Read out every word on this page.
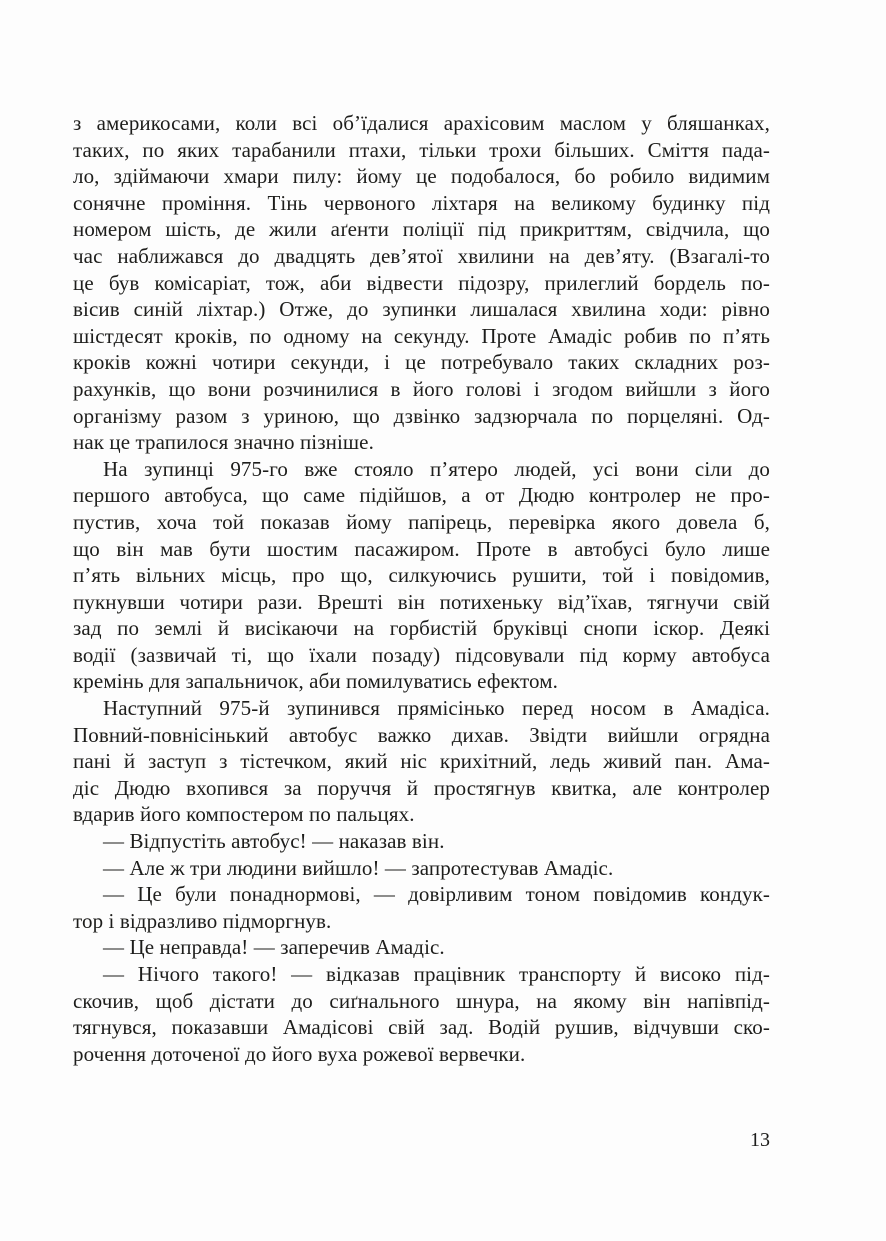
з америкосами, коли всі об’їдалися арахісовим маслом у бляшанках,
таких, по яких тарабанили птахи, тільки трохи більших. Сміття пада-
ло, здіймаючи хмари пилу: йому це подобалося, бо робило видимим
сонячне проміння. Тінь червоного ліхтаря на великому будинку під
номером шість, де жили аґенти поліції під прикриттям, свідчила, що
час наближався до двадцять дев’ятої хвилини на дев’яту. (Взагалі-то
це був комісаріат, тож, аби відвести підозру, прилеглий бордель по-
вісив синій ліхтар.) Отже, до зупинки лишалася хвилина ходи: рівно
шістдесят кроків, по одному на секунду. Проте Амадіс робив по п’ять
кроків кожні чотири секунди, і це потребувало таких складних роз-
рахунків, що вони розчинилися в його голові і згодом вийшли з його
організму разом з уриною, що дзвінко задзюрчала по порцеляні. Од-
нак це трапилося значно пізніше.

На зупинці 975-го вже стояло п’ятеро людей, усі вони сіли до
першого автобуса, що саме підійшов, а от Дюдю контролер не про-
пустив, хоча той показав йому папірець, перевірка якого довела б,
що він мав бути шостим пасажиром. Проте в автобусі було лише
п’ять вільних місць, про що, силкуючись рушити, той і повідомив,
пукнувши чотири рази. Врешті він потихеньку від’їхав, тягнучи свій
зад по землі й висікаючи на горбистій бруківці снопи іскор. Деякі
водії (зазвичай ті, що їхали позаду) підсовували під корму автобуса
кремінь для запальничок, аби помилуватись ефектом.

Наступний 975-й зупинився прямісінько перед носом в Амадіса.
Повний-повнісінький автобус важко дихав. Звідти вийшли огрядна
пані й заступ з тістечком, який ніс крихітний, ледь живий пан. Ама-
діс Дюдю вхопився за поруччя й простягнув квитка, але контролер
вдарив його компостером по пальцях.

— Відпустіть автобус! — наказав він.

— Але ж три людини вийшло! — запротестував Амадіс.

— Це були понаднормові, — довірливим тоном повідомив кондук-
тор і відразливо підморгнув.

— Це неправда! — заперечив Амадіс.

— Нічого такого! — відказав працівник транспорту й високо під-
скочив, щоб дістати до сиґнального шнура, на якому він напівпід-
тягнувся, показавши Амадісові свій зад. Водій рушив, відчувши ско-
рочення доточеної до його вуха рожевої вервечки.

13
